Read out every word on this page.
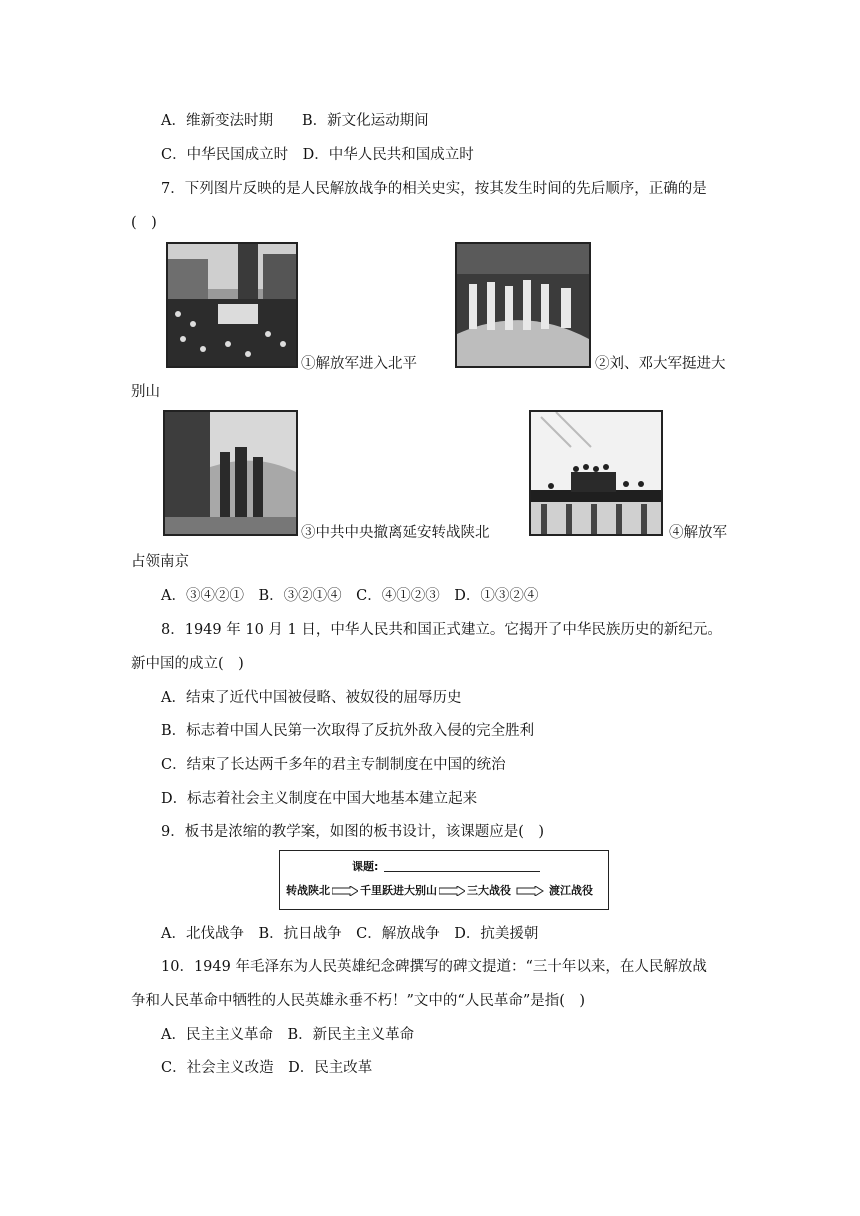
A．维新变法时期　　B．新文化运动期间
C．中华民国成立时　D．中华人民共和国成立时
7．下列图片反映的是人民解放战争的相关史实，按其发生时间的先后顺序，正确的是
(　)
①解放军进入北平	②刘、邓大军挺进大
别山
③中共中央撤离延安转战陕北	④解放军
占领南京
A．③④②①　B．③②①④　C．④①②③　D．①③②④
8．1949 年 10 月 1 日，中华人民共和国正式建立。它揭开了中华民族历史的新纪元。
新中国的成立(　)
A．结束了近代中国被侵略、被奴役的屈辱历史
B．标志着中国人民第一次取得了反抗外敌入侵的完全胜利
C．结束了长达两千多年的君主专制制度在中国的统治
D．标志着社会主义制度在中国大地基本建立起来
9．板书是浓缩的教学案，如图的板书设计，该课题应是(　)
课题:
转战陕北	千里跃进大别山	三大战役	渡江战役
A．北伐战争　B．抗日战争　C．解放战争　D．抗美援朝
10．1949 年毛泽东为人民英雄纪念碑撰写的碑文提道：“三十年以来，在人民解放战
争和人民革命中牺牲的人民英雄永垂不朽！”文中的“人民革命”是指(　)
A．民主主义革命　B．新民主主义革命
C．社会主义改造　D．民主改革
